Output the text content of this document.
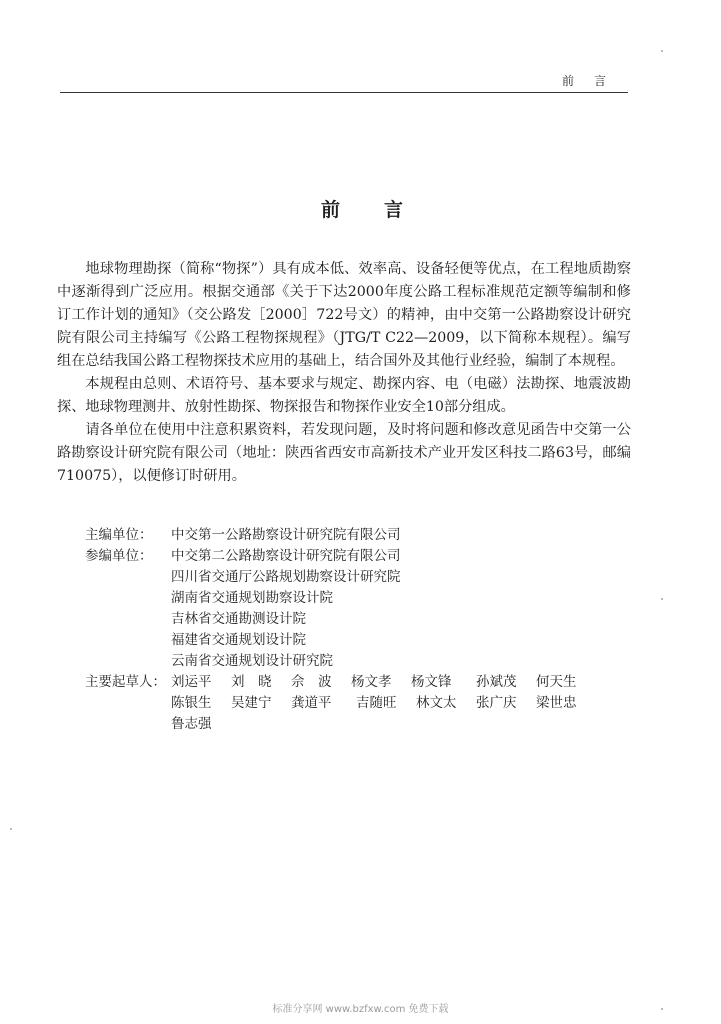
前言
前言

地球物理勘探（简称“物探”）具有成本低、效率高、设备轻便等优点，在工程地质勘察中逐渐得到广泛应用。根据交通部《关于下达2000年度公路工程标准规范定额等编制和修订工作计划的通知》（交公路发［2000］722号文）的精神，由中交第一公路勘察设计研究院有限公司主持编写《公路工程物探规程》（JTG/T C22—2009，以下简称本规程）。编写组在总结我国公路工程物探技术应用的基础上，结合国外及其他行业经验，编制了本规程。

本规程由总则、术语符号、基本要求与规定、勘探内容、电（电磁）法勘探、地震波勘探、地球物理测井、放射性勘探、物探报告和物探作业安全10部分组成。

请各单位在使用中注意积累资料，若发现问题，及时将问题和修改意见函告中交第一公路勘察设计研究院有限公司（地址：陕西省西安市高新技术产业开发区科技二路63号，邮编710075），以便修订时研用。

主编单位：	中交第一公路勘察设计研究院有限公司
参编单位：	中交第二公路勘察设计研究院有限公司
四川省交通厅公路规划勘察设计研究院
湖南省交通规划勘察设计院
吉林省交通勘测设计院
福建省交通规划设计院
云南省交通规划设计研究院
主要起草人： 刘运平	刘　晓	佘　波	杨文孝	杨文锋	孙斌茂	何天生
陈银生	吴建宁	龚道平	吉随旺	林文太	张广庆	梁世忠
鲁志强
标准分享网 www.bzfxw.com 免费下载
